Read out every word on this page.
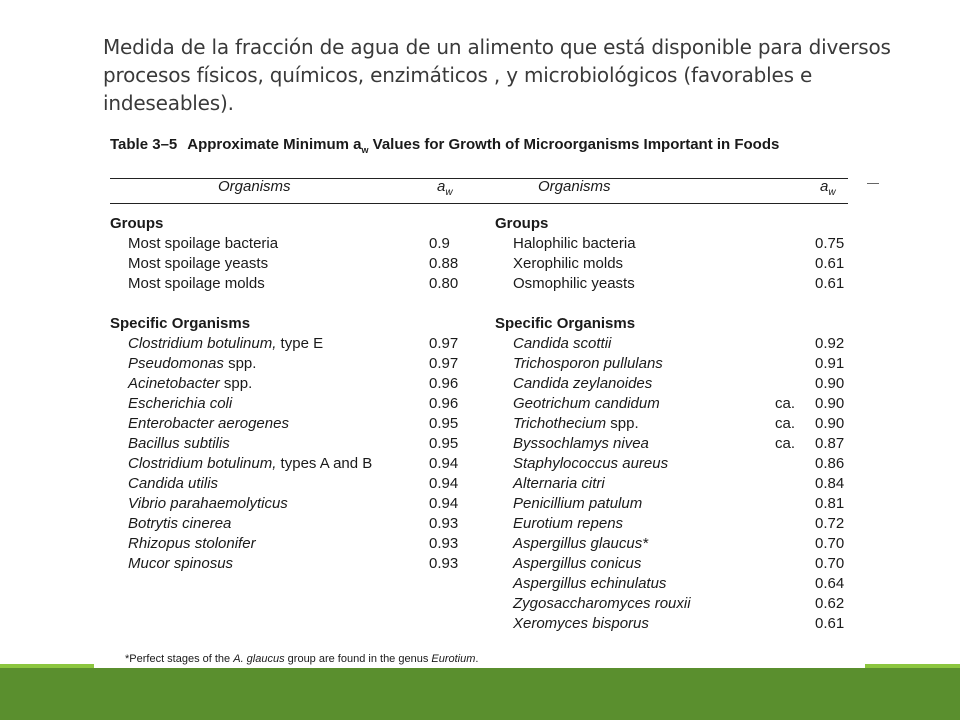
Medida de la fracción de agua de un alimento que está disponible para diversos procesos físicos, químicos, enzimáticos , y microbiológicos (favorables e indeseables).

Table 3–5 Approximate Minimum $a_w$ Values for Growth of Microorganisms Important in Foods
Organisms	$a_w$	Organisms	$a_w$
Groups
Most spoilage bacteria	0.9
Most spoilage yeasts	0.88
Most spoilage molds	0.80
Specific Organisms
Clostridium botulinum, type E	0.97
Pseudomonas spp.	0.97
Acinetobacter spp.	0.96
Escherichia coli	0.96
Enterobacter aerogenes	0.95
Bacillus subtilis	0.95
Clostridium botulinum, types A and B	0.94
Candida utilis	0.94
Vibrio parahaemolyticus	0.94
Botrytis cinerea	0.93
Rhizopus stolonifer	0.93
Mucor spinosus	0.93
Groups
Halophilic bacteria	0.75
Xerophilic molds	0.61
Osmophilic yeasts	0.61
Specific Organisms
Candida scottii	0.92
Trichosporon pullulans	0.91
Candida zeylanoides	0.90
Geotrichum candidum	ca. 0.90
Trichothecium spp.	ca. 0.90
Byssochlamys nivea	ca. 0.87
Staphylococcus aureus	0.86
Alternaria citri	0.84
Penicillium patulum	0.81
Eurotium repens	0.72
Aspergillus glaucus*	0.70
Aspergillus conicus	0.70
Aspergillus echinulatus	0.64
Zygosaccharomyces rouxii	0.62
Xeromyces bisporus	0.61
*Perfect stages of the A. glaucus group are found in the genus Eurotium.
